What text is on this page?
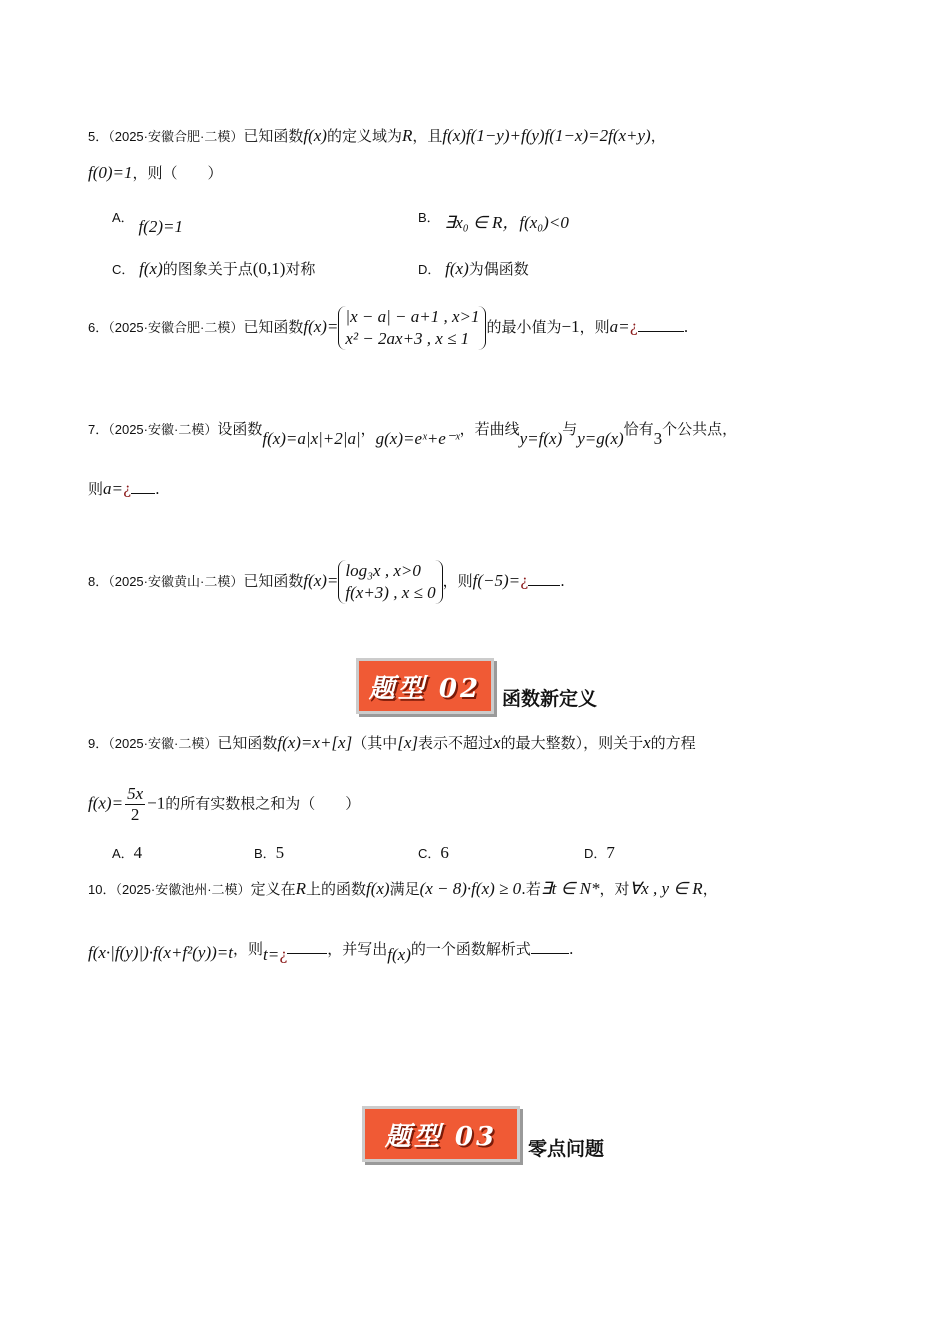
5．（2025·安徽合肥·二模）已知函数f(x)的定义域为R，且f(x)f(1−y)+f(y)f(1−x)=2f(x+y)，
f(0)=1，则（　　）
A． f(2)=1	B． ∃x₀ ∈ R，f(x₀)<0
C． f(x)的图象关于点(0,1)对称	D． f(x)为偶函数
6．（2025·安徽合肥·二模）已知函数f(x)=
|x − a| − a+1 , x>1
x² − 2ax+3 , x ≤ 1
的最小值为−1，则a=¿	.
7．（2025·安徽·二模）设函数f(x)=a|x|+2|a|，g(x)=eˣ+e⁻ˣ，若曲线y=f(x)与y=g(x)恰有3个公共点，
则a=¿ .
8．（2025·安徽黄山·二模）已知函数f(x)=
log₃x , x>0
f(x+3) , x ≤ 0
，则f(−5)=¿ .
题型 02	函数新定义
9．（2025·安徽·二模）已知函数f(x)=x+[x]（其中[x]表示不超过x的最大整数），则关于x的方程
$f(x)= \frac{5x}{2} -1$的所有实数根之和为（　　）
A．4	B．5	C．6	D．7
10．（2025·安徽池州·二模）定义在R上的函数f(x)满足(x − 8)·f(x) ≥ 0.若∃t ∈ N*，对∀x , y ∈ R，
f(x·|f(y)|)·f(x+f²(y))=t，则t=¿	，并写出f(x)的一个函数解析式	.
题型 03	零点问题
